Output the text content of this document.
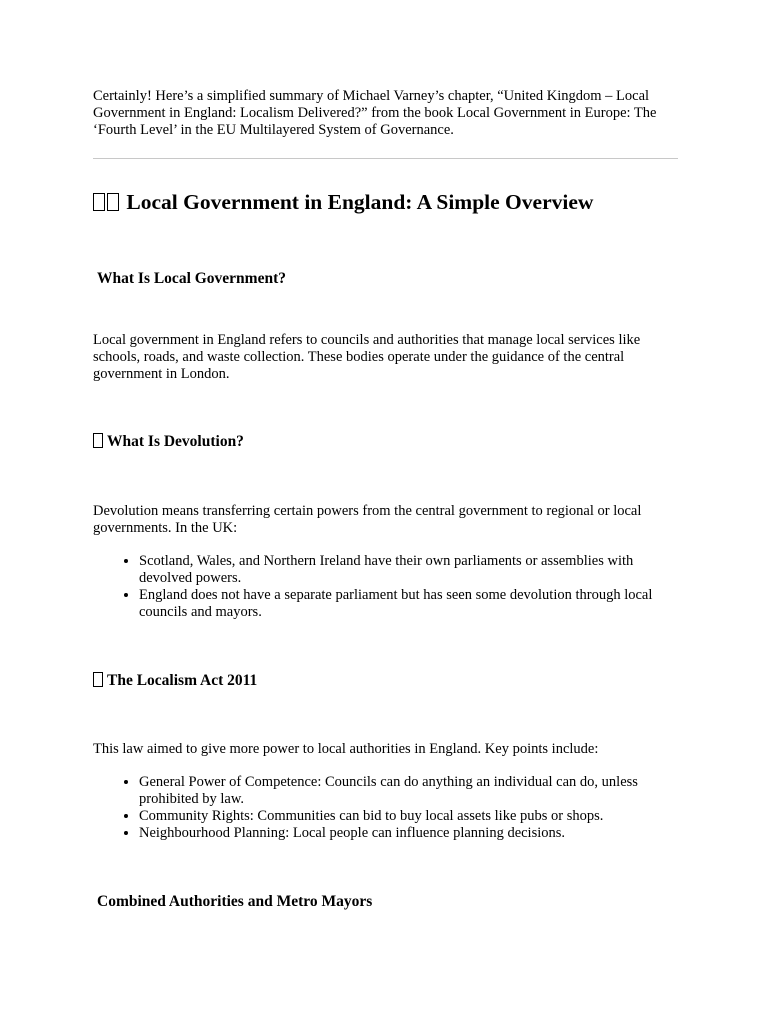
Certainly! Here’s a simplified summary of Michael Varney’s chapter, “United Kingdom – Local Government in England: Localism Delivered?” from the book Local Government in Europe: The ‘Fourth Level’ in the EU Multilayered System of Governance.

Local Government in England: A Simple Overview
What Is Local Government?

Local government in England refers to councils and authorities that manage local services like schools, roads, and waste collection. These bodies operate under the guidance of the central government in London.

What Is Devolution?

Devolution means transferring certain powers from the central government to regional or local governments. In the UK:

• Scotland, Wales, and Northern Ireland have their own parliaments or assemblies with devolved powers.
• England does not have a separate parliament but has seen some devolution through local councils and mayors.
The Localism Act 2011

This law aimed to give more power to local authorities in England. Key points include:

• General Power of Competence: Councils can do anything an individual can do, unless prohibited by law.
• Community Rights: Communities can bid to buy local assets like pubs or shops.
• Neighbourhood Planning: Local people can influence planning decisions.
Combined Authorities and Metro Mayors
